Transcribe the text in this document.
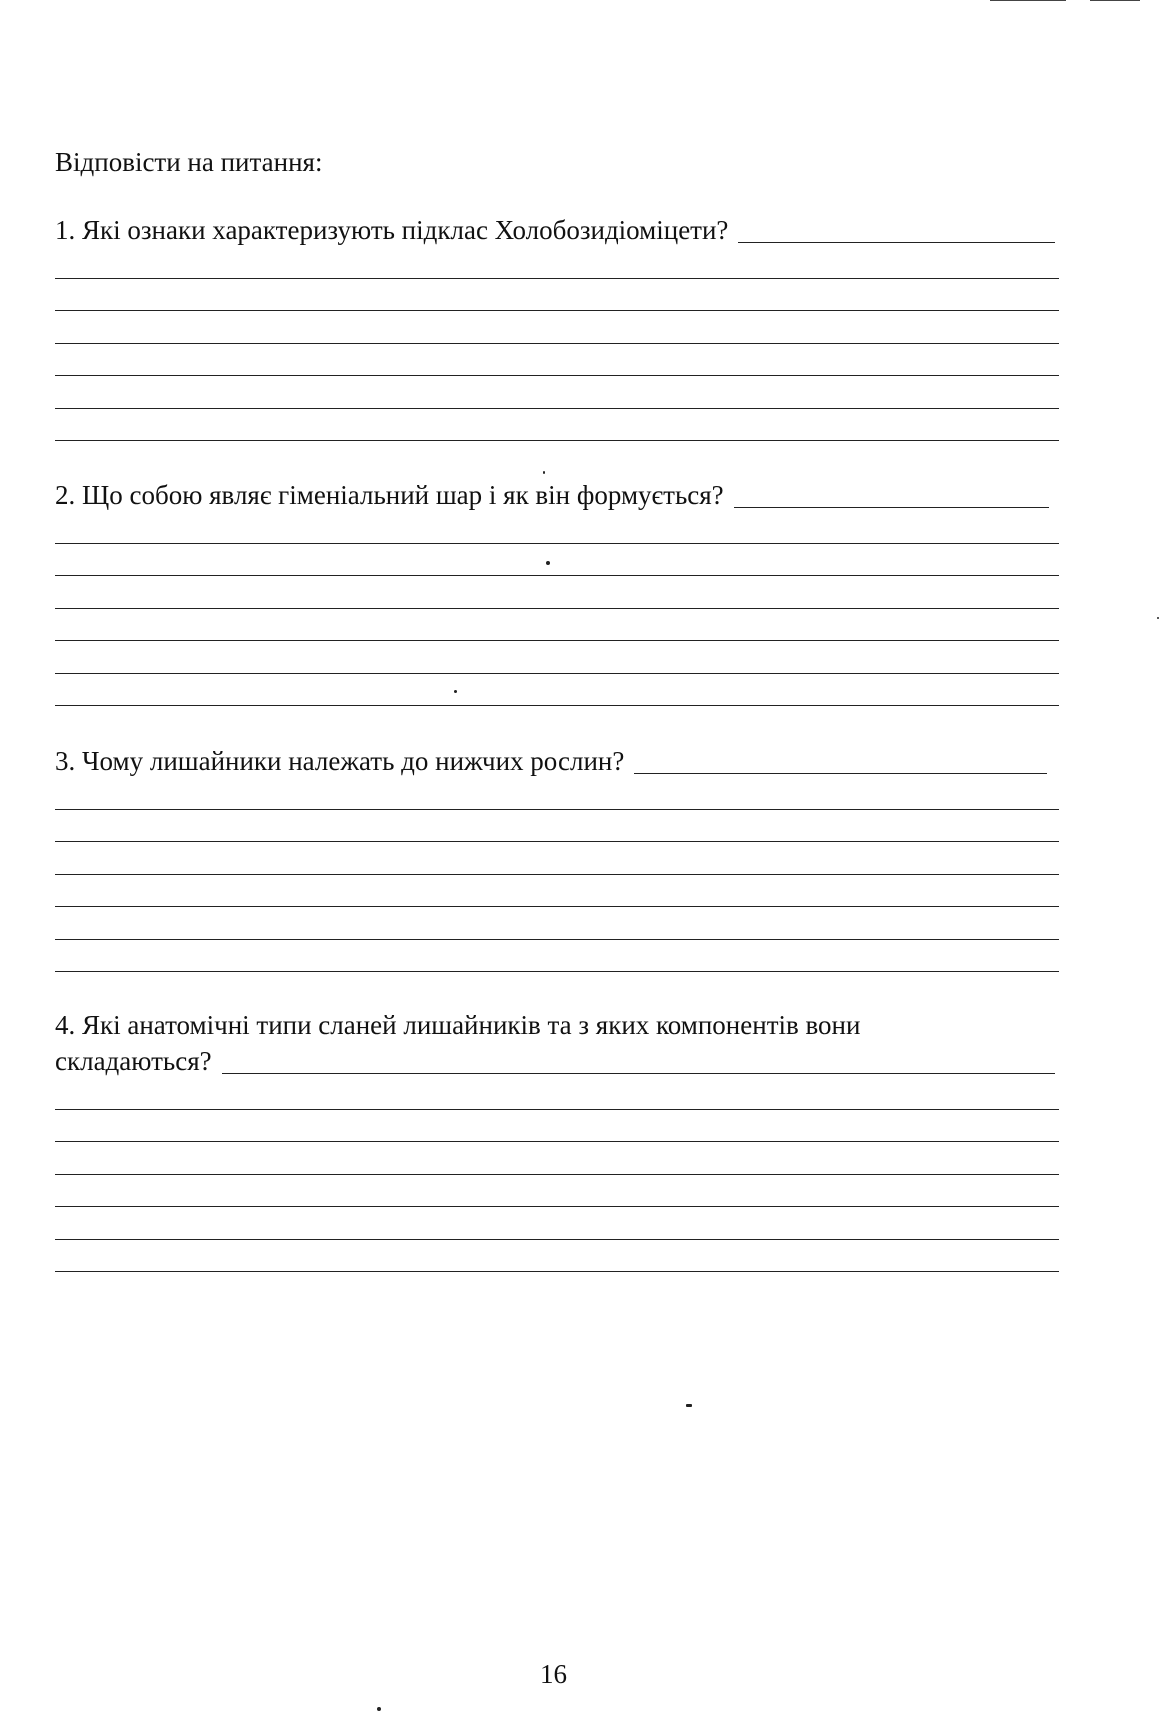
Відповісти на питання:
1. Які ознаки характеризують підклас Холобозидіоміцети?
2. Що собою являє гіменіальний шар і як він формується?
3. Чому лишайники належать до нижчих рослин?
4. Які анатомічні типи сланей лишайників та з яких компонентів вони
складаються?
16
